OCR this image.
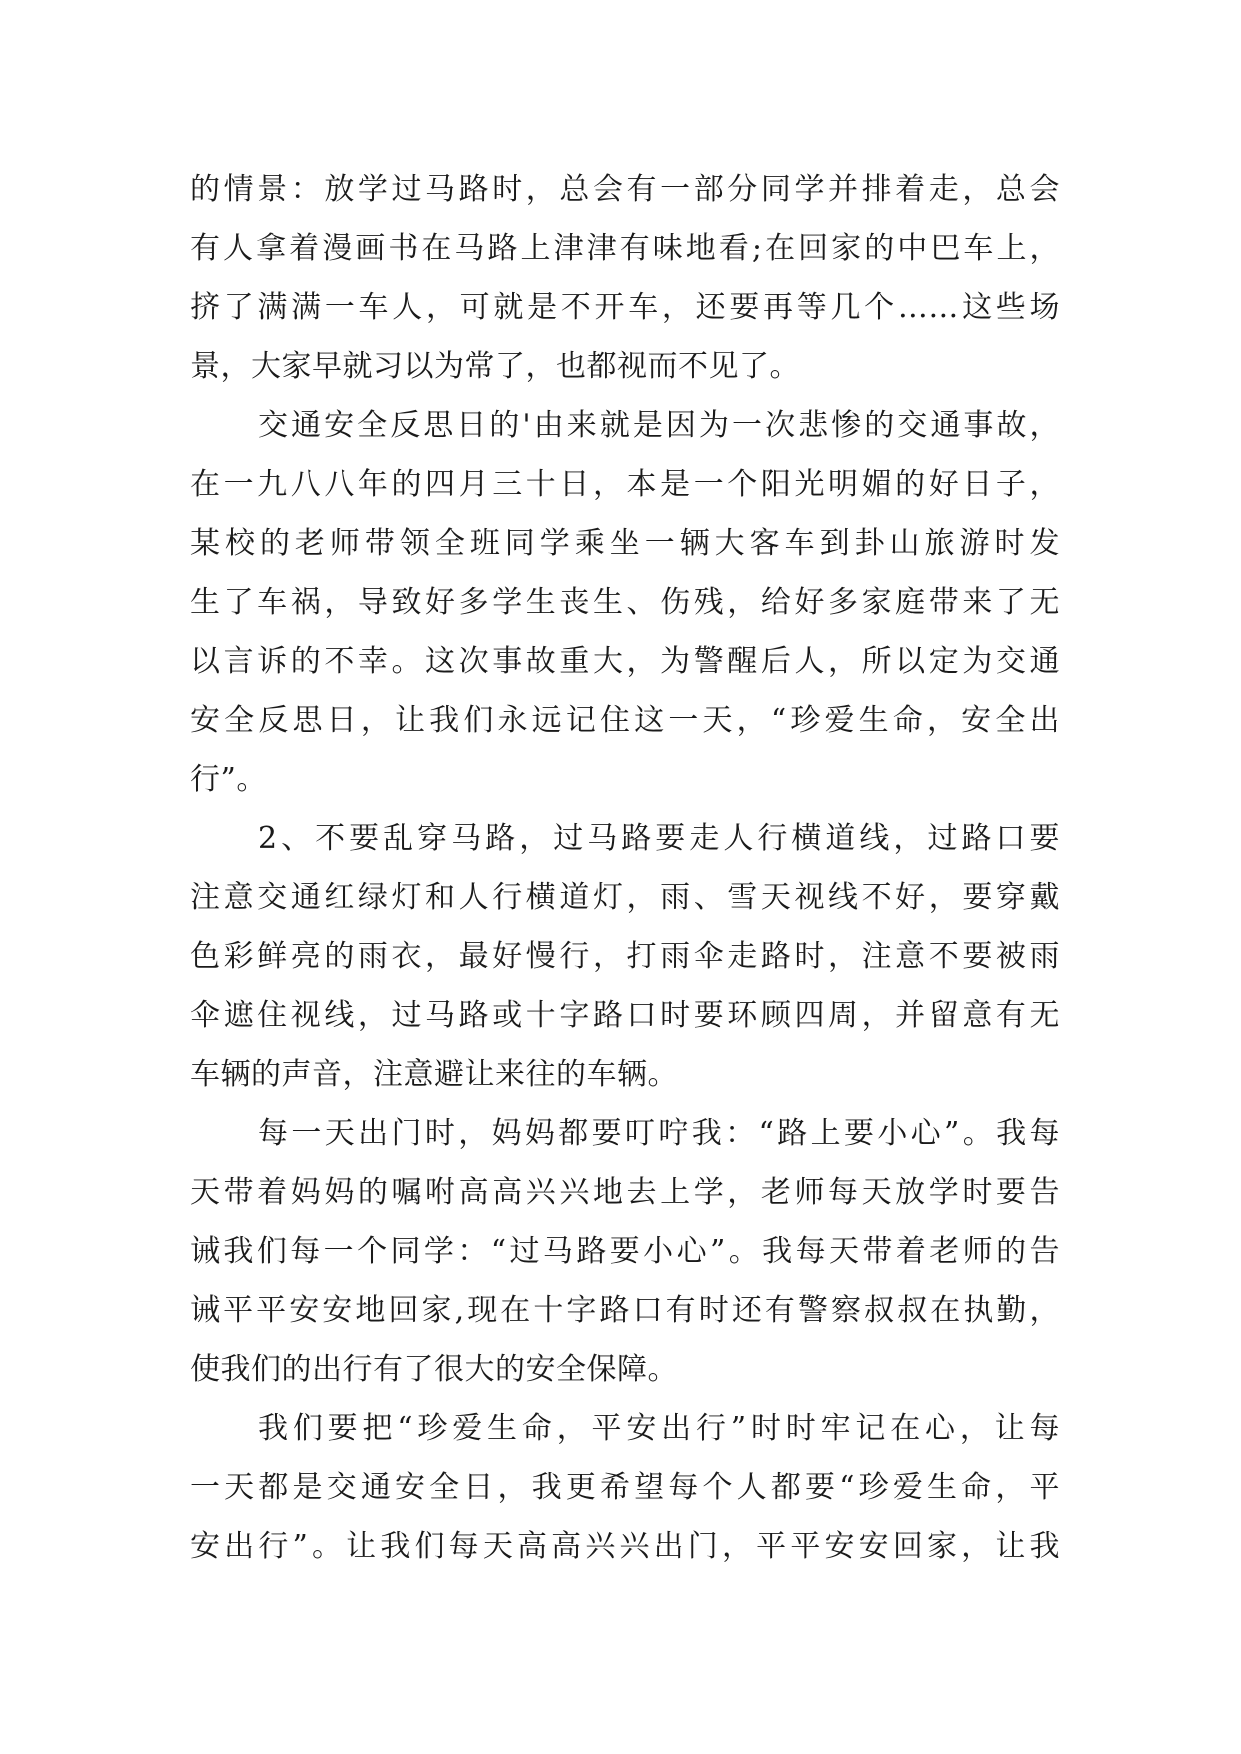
的情景：放学过马路时，总会有一部分同学并排着走，总会
有人拿着漫画书在马路上津津有味地看;在回家的中巴车上，
挤了满满一车人，可就是不开车，还要再等几个……这些场
景，大家早就习以为常了，也都视而不见了。
交通安全反思日的'由来就是因为一次悲惨的交通事故，
在一九八八年的四月三十日，本是一个阳光明媚的好日子，
某校的老师带领全班同学乘坐一辆大客车到卦山旅游时发
生了车祸，导致好多学生丧生、伤残，给好多家庭带来了无
以言诉的不幸。这次事故重大，为警醒后人，所以定为交通
安全反思日，让我们永远记住这一天，“珍爱生命，安全出
行”。
2、不要乱穿马路，过马路要走人行横道线，过路口要
注意交通红绿灯和人行横道灯，雨、雪天视线不好，要穿戴
色彩鲜亮的雨衣，最好慢行，打雨伞走路时，注意不要被雨
伞遮住视线，过马路或十字路口时要环顾四周，并留意有无
车辆的声音，注意避让来往的车辆。
每一天出门时，妈妈都要叮咛我：“路上要小心”。我每
天带着妈妈的嘱咐高高兴兴地去上学，老师每天放学时要告
诫我们每一个同学：“过马路要小心”。我每天带着老师的告
诫平平安安地回家,现在十字路口有时还有警察叔叔在执勤，
使我们的出行有了很大的安全保障。
我们要把“珍爱生命，平安出行”时时牢记在心，让每
一天都是交通安全日，我更希望每个人都要“珍爱生命，平
安出行”。让我们每天高高兴兴出门，平平安安回家，让我
